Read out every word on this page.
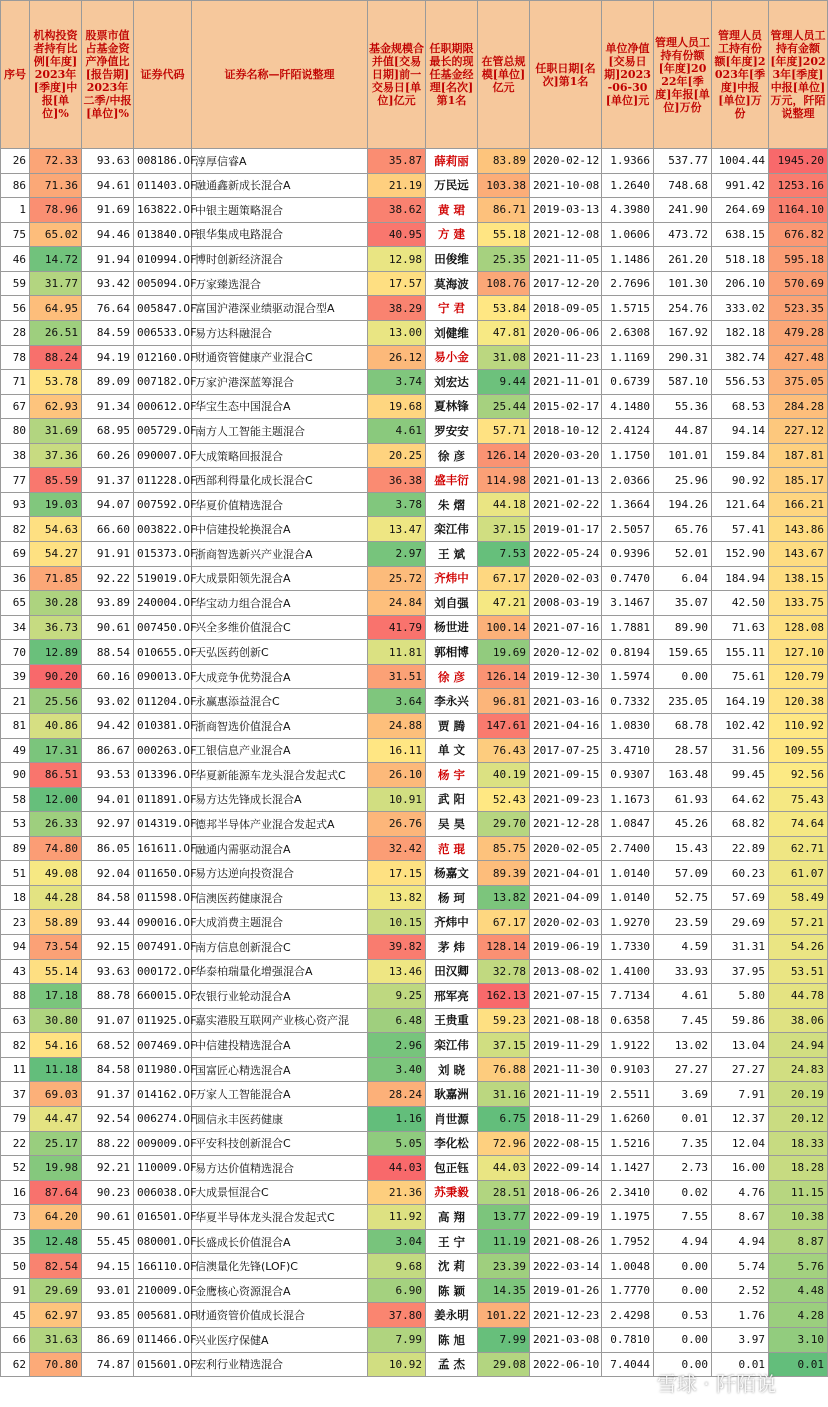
序号	机构投资者持有比例[年度]2023年[季度]中报[单位]%	股票市值占基金资产净值比[报告期]2023年二季/中报[单位]%	证券代码	证券名称—阡陌说整理	基金规模合并值[交易日期]前一交易日[单位]亿元	任职期限最长的现任基金经理[名次]第1名	在管总规模[单位]亿元	任职日期[名次]第1名	单位净值[交易日期]2023-06-30[单位]元	管理人员工持有份额[年度]2022年[季度]年报[单位]万份	管理人员工持有份额[年度]2023年[季度]中报[单位]万份	管理人员工持有金额[年度]2023年[季度]中报[单位]万元，阡陌说整理
26	72.33	93.63	008186.OF	淳厚信睿A	35.87	薛莉丽	83.89	2020-02-12	1.9366	537.77	1004.44	1945.20
86	71.36	94.61	011403.OF	融通鑫新成长混合A	21.19	万民远	103.38	2021-10-08	1.2640	748.68	991.42	1253.16
1	78.96	91.69	163822.OF	中银主题策略混合	38.62	黄 珺	86.71	2019-03-13	4.3980	241.90	264.69	1164.10
75	65.02	94.46	013840.OF	银华集成电路混合	40.95	方 建	55.18	2021-12-08	1.0606	473.72	638.15	676.82
46	14.72	91.94	010994.OF	博时创新经济混合	12.98	田俊维	25.35	2021-11-05	1.1486	261.20	518.18	595.18
59	31.77	93.42	005094.OF	万家臻选混合	17.57	莫海波	108.76	2017-12-20	2.7696	101.30	206.10	570.69
56	64.95	76.64	005847.OF	富国沪港深业绩驱动混合型A	38.29	宁 君	53.84	2018-09-05	1.5715	254.76	333.02	523.35
28	26.51	84.59	006533.OF	易方达科融混合	13.00	刘健维	47.81	2020-06-06	2.6308	167.92	182.18	479.28
78	88.24	94.19	012160.OF	财通资管健康产业混合C	26.12	易小金	31.08	2021-11-23	1.1169	290.31	382.74	427.48
71	53.78	89.09	007182.OF	万家沪港深蓝筹混合	3.74	刘宏达	9.44	2021-11-01	0.6739	587.10	556.53	375.05
67	62.93	91.34	000612.OF	华宝生态中国混合A	19.68	夏林锋	25.44	2015-02-17	4.1480	55.36	68.53	284.28
80	31.69	68.95	005729.OF	南方人工智能主题混合	4.61	罗安安	57.71	2018-10-12	2.4124	44.87	94.14	227.12
38	37.36	60.26	090007.OF	大成策略回报混合	20.25	徐 彦	126.14	2020-03-20	1.1750	101.01	159.84	187.81
77	85.59	91.37	011228.OF	西部利得量化成长混合C	36.38	盛丰衍	114.98	2021-01-13	2.0366	25.96	90.92	185.17
93	19.03	94.07	007592.OF	华夏价值精选混合	3.78	朱 熠	44.18	2021-02-22	1.3664	194.26	121.64	166.21
82	54.63	66.60	003822.OF	中信建投轮换混合A	13.47	栾江伟	37.15	2019-01-17	2.5057	65.76	57.41	143.86
69	54.27	91.91	015373.OF	浙商智选新兴产业混合A	2.97	王 斌	7.53	2022-05-24	0.9396	52.01	152.90	143.67
36	71.85	92.22	519019.OF	大成景阳领先混合A	25.72	齐炜中	67.17	2020-02-03	0.7470	6.04	184.94	138.15
65	30.28	93.89	240004.OF	华宝动力组合混合A	24.84	刘自强	47.21	2008-03-19	3.1467	35.07	42.50	133.75
34	36.73	90.61	007450.OF	兴全多维价值混合C	41.79	杨世进	100.14	2021-07-16	1.7881	89.90	71.63	128.08
70	12.89	88.54	010655.OF	天弘医药创新C	11.81	郭相博	19.69	2020-12-02	0.8194	159.65	155.11	127.10
39	90.20	60.16	090013.OF	大成竞争优势混合A	31.51	徐 彦	126.14	2019-12-30	1.5974	0.00	75.61	120.79
21	25.56	93.02	011204.OF	永赢惠添益混合C	3.64	李永兴	96.81	2021-03-16	0.7332	235.05	164.19	120.38
81	40.86	94.42	010381.OF	浙商智选价值混合A	24.88	贾 腾	147.61	2021-04-16	1.0830	68.78	102.42	110.92
49	17.31	86.67	000263.OF	工银信息产业混合A	16.11	单 文	76.43	2017-07-25	3.4710	28.57	31.56	109.55
90	86.51	93.53	013396.OF	华夏新能源车龙头混合发起式C	26.10	杨 宇	40.19	2021-09-15	0.9307	163.48	99.45	92.56
58	12.00	94.01	011891.OF	易方达先锋成长混合A	10.91	武 阳	52.43	2021-09-23	1.1673	61.93	64.62	75.43
53	26.33	92.97	014319.OF	德邦半导体产业混合发起式A	26.76	吴 昊	29.70	2021-12-28	1.0847	45.26	68.82	74.64
89	74.80	86.05	161611.OF	融通内需驱动混合A	32.42	范 琨	85.75	2020-02-05	2.7400	15.43	22.89	62.71
51	49.08	92.04	011650.OF	易方达逆向投资混合	17.15	杨嘉文	89.39	2021-04-01	1.0140	57.09	60.23	61.07
18	44.28	84.58	011598.OF	信澳医药健康混合	13.82	杨 珂	13.82	2021-04-09	1.0140	52.75	57.69	58.49
23	58.89	93.44	090016.OF	大成消费主题混合	10.15	齐炜中	67.17	2020-02-03	1.9270	23.59	29.69	57.21
94	73.54	92.15	007491.OF	南方信息创新混合C	39.82	茅 炜	128.14	2019-06-19	1.7330	4.59	31.31	54.26
43	55.14	93.63	000172.OF	华泰柏瑞量化增强混合A	13.46	田汉卿	32.78	2013-08-02	1.4100	33.93	37.95	53.51
88	17.18	88.78	660015.OF	农银行业轮动混合A	9.25	邢军亮	162.13	2021-07-15	7.7134	4.61	5.80	44.78
63	30.80	91.07	011925.OF	嘉实港股互联网产业核心资产混	6.48	王贵重	59.23	2021-08-18	0.6358	7.45	59.86	38.06
82	54.16	68.52	007469.OF	中信建投精选混合A	2.96	栾江伟	37.15	2019-11-29	1.9122	13.02	13.04	24.94
11	11.18	84.58	011980.OF	国富匠心精选混合A	3.40	刘 晓	76.88	2021-11-30	0.9103	27.27	27.27	24.83
37	69.03	91.37	014162.OF	万家人工智能混合A	28.24	耿嘉洲	31.16	2021-11-19	2.5511	3.69	7.91	20.19
79	44.47	92.54	006274.OF	圆信永丰医药健康	1.16	肖世源	6.75	2018-11-29	1.6260	0.01	12.37	20.12
22	25.17	88.22	009009.OF	平安科技创新混合C	5.05	李化松	72.96	2022-08-15	1.5216	7.35	12.04	18.33
52	19.98	92.21	110009.OF	易方达价值精选混合	44.03	包正钰	44.03	2022-09-14	1.1427	2.73	16.00	18.28
16	87.64	90.23	006038.OF	大成景恒混合C	21.36	苏秉毅	28.51	2018-06-26	2.3410	0.02	4.76	11.15
73	64.20	90.61	016501.OF	华夏半导体龙头混合发起式C	11.92	高 翔	13.77	2022-09-19	1.1975	7.55	8.67	10.38
35	12.48	55.45	080001.OF	长盛成长价值混合A	3.04	王 宁	11.19	2021-08-26	1.7952	4.94	4.94	8.87
50	82.54	94.15	166110.OF	信澳量化先锋(LOF)C	9.68	沈 莉	23.39	2022-03-14	1.0048	0.00	5.74	5.76
91	29.69	93.01	210009.OF	金鹰核心资源混合A	6.90	陈 颖	14.35	2019-01-26	1.7770	0.00	2.52	4.48
45	62.97	93.85	005681.OF	财通资管价值成长混合	37.80	姜永明	101.22	2021-12-23	2.4298	0.53	1.76	4.28
66	31.63	86.69	011466.OF	兴业医疗保健A	7.99	陈 旭	7.99	2021-03-08	0.7810	0.00	3.97	3.10
62	70.80	74.87	015601.OF	宏利行业精选混合	10.92	孟 杰	29.08	2022-06-10	7.4044	0.00	0.01	0.01
雪球 · 阡陌说
